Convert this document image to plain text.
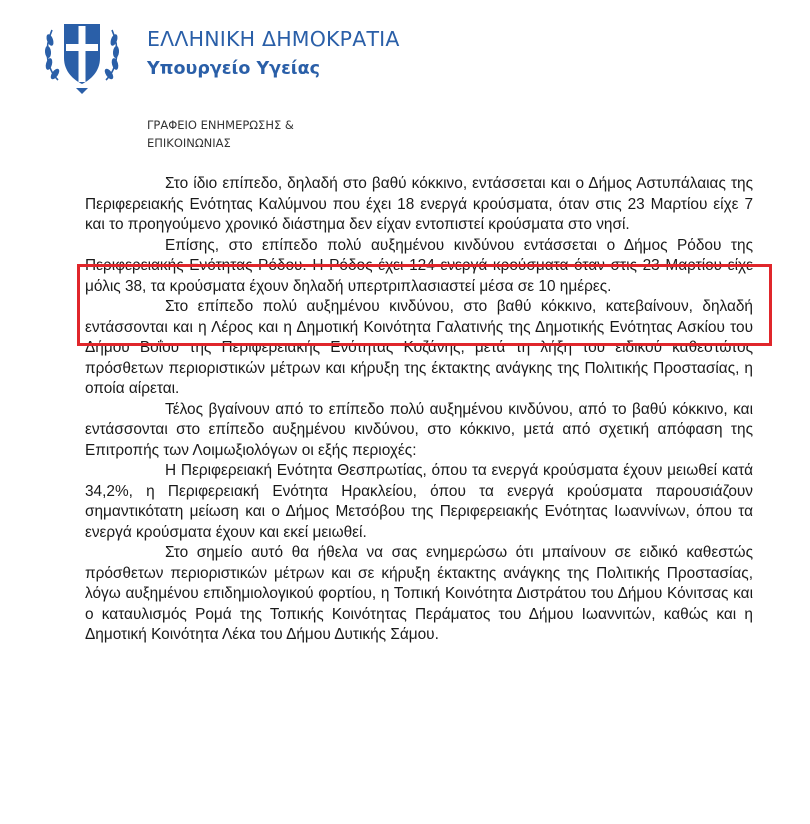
ΕΛΛΗΝΙΚΗ ΔΗΜΟΚΡΑΤΙΑ
Υπουργείο Υγείας
ΓΡΑΦΕΙΟ ΕΝΗΜΕΡΩΣΗΣ &
ΕΠΙΚΟΙΝΩΝΙΑΣ

Στο ίδιο επίπεδο, δηλαδή στο βαθύ κόκκινο, εντάσσεται και ο Δήμος Αστυπάλαιας της Περιφερειακής Ενότητας Καλύμνου που έχει 18 ενεργά κρούσματα, όταν στις 23 Μαρτίου είχε 7 και το προηγούμενο χρονικό διάστημα δεν είχαν εντοπιστεί κρούσματα στο νησί.

Επίσης, στο επίπεδο πολύ αυξημένου κινδύνου εντάσσεται ο Δήμος Ρόδου της Περιφερειακής Ενότητας Ρόδου. Η Ρόδος έχει 124 ενεργά κρούσματα όταν στις 23 Μαρτίου είχε μόλις 38, τα κρούσματα έχουν δηλαδή υπερτριπλασιαστεί μέσα σε 10 ημέρες.

Στο επίπεδο πολύ αυξημένου κινδύνου, στο βαθύ κόκκινο, κατεβαίνουν, δηλαδή εντάσσονται και η Λέρος και η Δημοτική Κοινότητα Γαλατινής της Δημοτικής Ενότητας Ασκίου του Δήμου Βοΐου της Περιφερειακής Ενότητας Κοζάνης, μετά τη λήξη του ειδικού καθεστώτος πρόσθετων περιοριστικών μέτρων και κήρυξη της έκτακτης ανάγκης της Πολιτικής Προστασίας, η οποία αίρεται.

Τέλος βγαίνουν από το επίπεδο πολύ αυξημένου κινδύνου, από το βαθύ κόκκινο, και εντάσσονται στο επίπεδο αυξημένου κινδύνου, στο κόκκινο, μετά από σχετική απόφαση της Επιτροπής των Λοιμωξιολόγων οι εξής περιοχές:

Η Περιφερειακή Ενότητα Θεσπρωτίας, όπου τα ενεργά κρούσματα έχουν μειωθεί κατά 34,2%, η Περιφερειακή Ενότητα Ηρακλείου, όπου τα ενεργά κρούσματα παρουσιάζουν σημαντικότατη μείωση και ο Δήμος Μετσόβου της Περιφερειακής Ενότητας Ιωαννίνων, όπου τα ενεργά κρούσματα έχουν και εκεί μειωθεί.

Στο σημείο αυτό θα ήθελα να σας ενημερώσω ότι μπαίνουν σε ειδικό καθεστώς πρόσθετων περιοριστικών μέτρων και σε κήρυξη έκτακτης ανάγκης της Πολιτικής Προστασίας, λόγω αυξημένου επιδημιολογικού φορτίου, η Τοπική Κοινότητα Διστράτου του Δήμου Κόνιτσας και ο καταυλισμός Ρομά της Τοπικής Κοινότητας Περάματος του Δήμου Ιωαννιτών, καθώς και η Δημοτική Κοινότητα Λέκα του Δήμου Δυτικής Σάμου.
